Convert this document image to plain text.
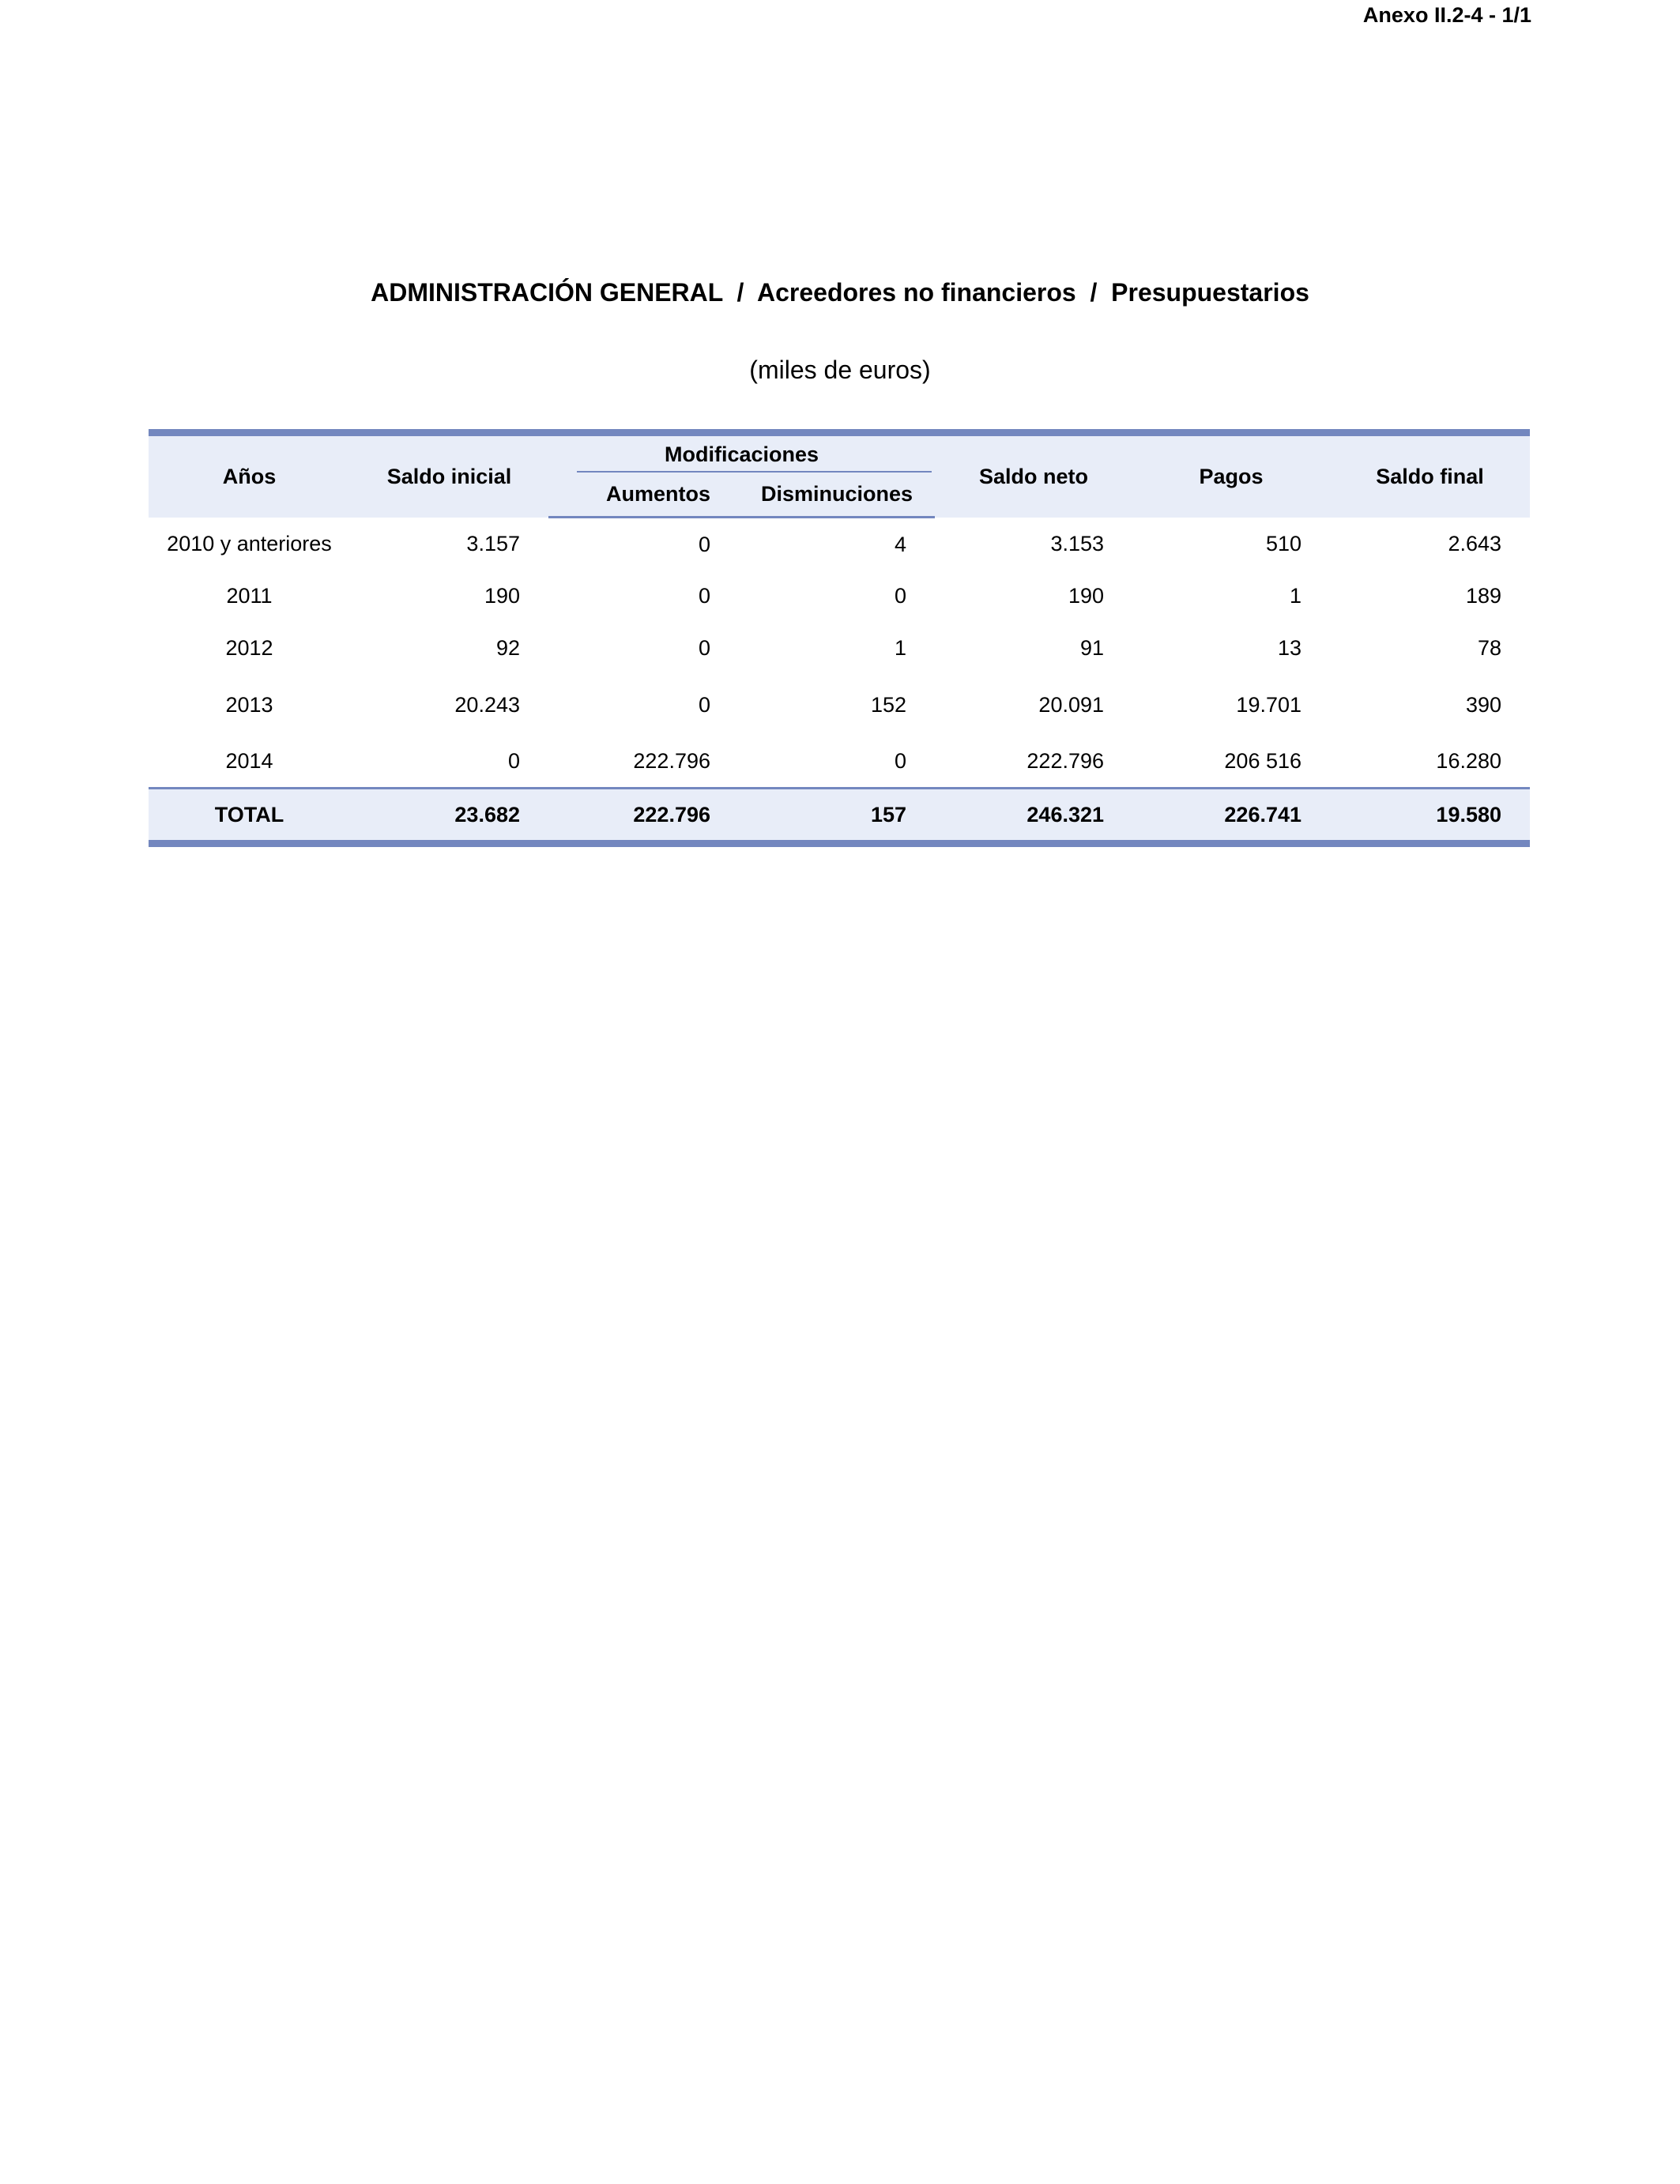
Anexo II.2-4 - 1/1
ADMINISTRACIÓN GENERAL  /  Acreedores no financieros  /  Presupuestarios
(miles de euros)
Años	Saldo inicial	Modificaciones		Saldo neto	Pagos	Saldo final
		Aumentos	Disminuciones			
2010 y anteriores	3.157	0	4	3.153	510	2.643
2011	190	0	0	190	1	189
2012	92	0	1	91	13	78
2013	20.243	0	152	20.091	19.701	390
2014	0	222.796	0	222.796	206 516	16.280
TOTAL	23.682	222.796	157	246.321	226.741	19.580
